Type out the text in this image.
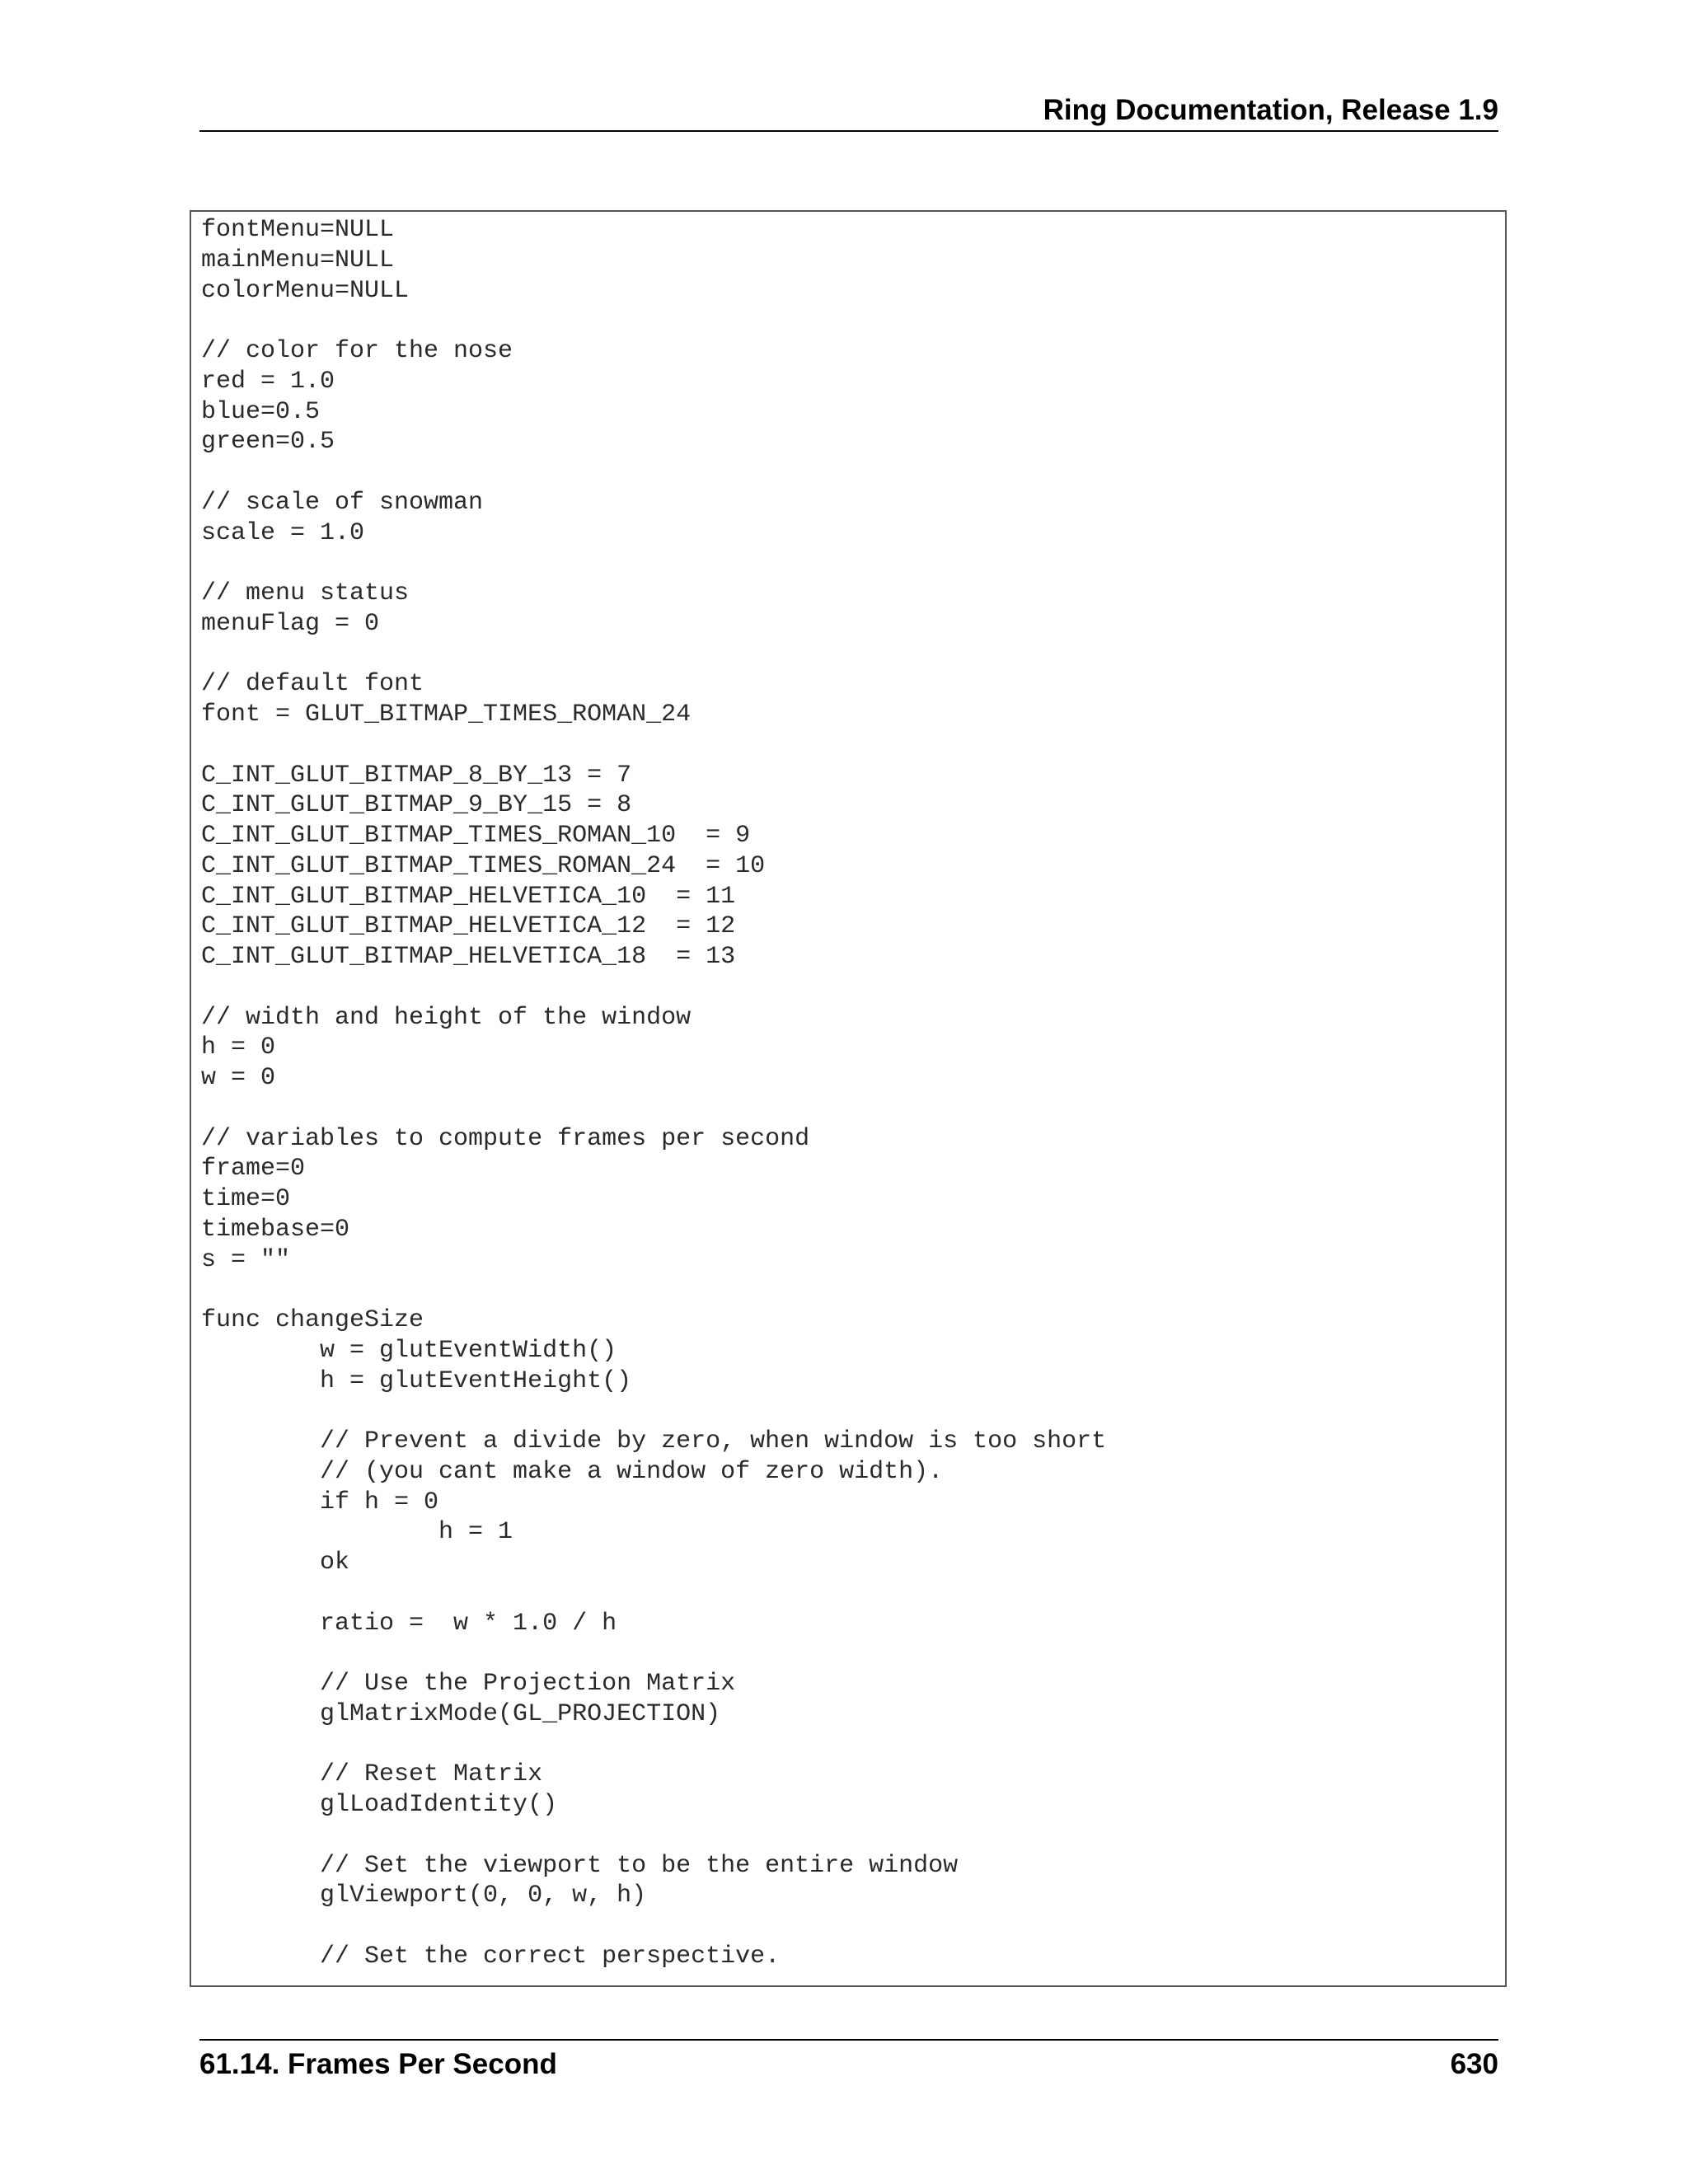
Ring Documentation, Release 1.9
fontMenu=NULL
mainMenu=NULL
colorMenu=NULL

// color for the nose
red = 1.0
blue=0.5
green=0.5

// scale of snowman
scale = 1.0

// menu status
menuFlag = 0

// default font
font = GLUT_BITMAP_TIMES_ROMAN_24

C_INT_GLUT_BITMAP_8_BY_13 = 7
C_INT_GLUT_BITMAP_9_BY_15 = 8
C_INT_GLUT_BITMAP_TIMES_ROMAN_10  = 9
C_INT_GLUT_BITMAP_TIMES_ROMAN_24  = 10
C_INT_GLUT_BITMAP_HELVETICA_10  = 11
C_INT_GLUT_BITMAP_HELVETICA_12  = 12
C_INT_GLUT_BITMAP_HELVETICA_18  = 13

// width and height of the window
h = 0
w = 0

// variables to compute frames per second
frame=0
time=0
timebase=0
s = ""

func changeSize
w = glutEventWidth()
h = glutEventHeight()

// Prevent a divide by zero, when window is too short
// (you cant make a window of zero width).
if h = 0
h = 1
ok

ratio =  w * 1.0 / h

// Use the Projection Matrix
glMatrixMode(GL_PROJECTION)

// Reset Matrix
glLoadIdentity()

// Set the viewport to be the entire window
glViewport(0, 0, w, h)

// Set the correct perspective.
61.14. Frames Per Second	630
